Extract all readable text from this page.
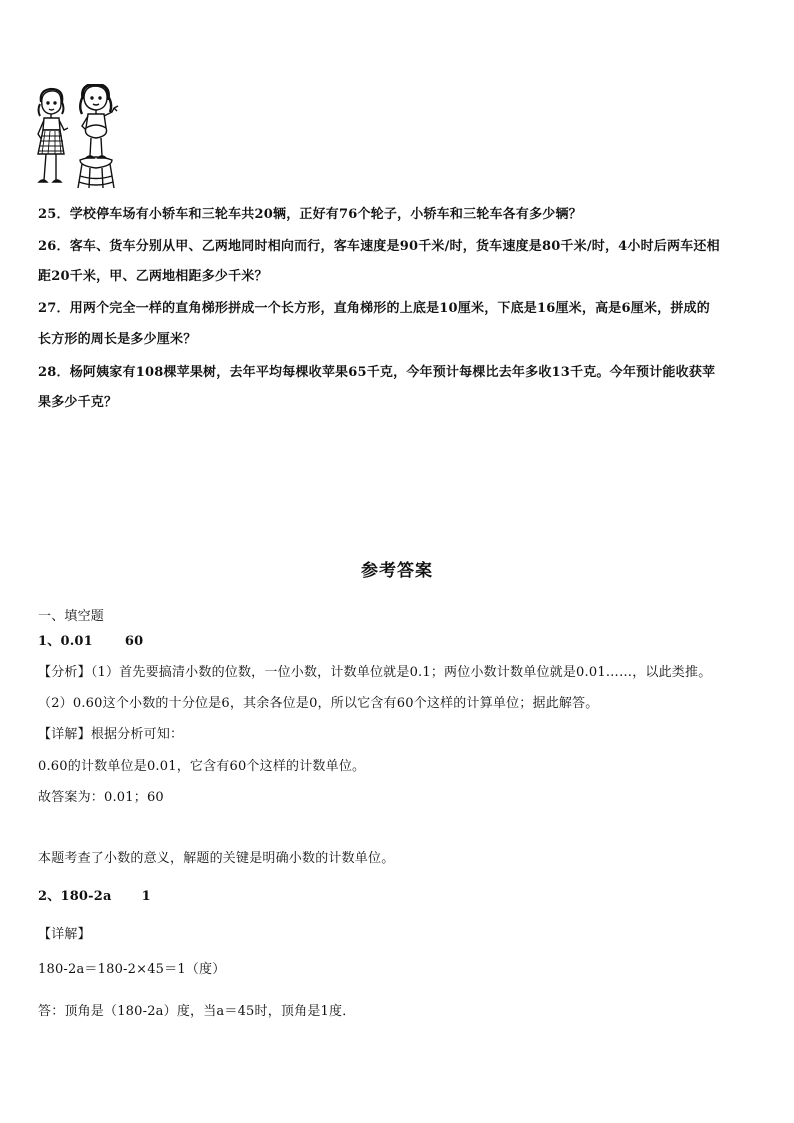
25．学校停车场有小轿车和三轮车共20辆，正好有76个轮子，小轿车和三轮车各有多少辆？
26．客车、货车分别从甲、乙两地同时相向而行，客车速度是90千米/时，货车速度是80千米/时，4小时后两车还相
距20千米，甲、乙两地相距多少千米？
27．用两个完全一样的直角梯形拼成一个长方形，直角梯形的上底是10厘米，下底是16厘米，高是6厘米，拼成的
长方形的周长是多少厘米？
28．杨阿姨家有108棵苹果树，去年平均每棵收苹果65千克，今年预计每棵比去年多收13千克。今年预计能收获苹
果多少千克？
参考答案
一、填空题
1、0.01 60
【分析】（1）首先要搞清小数的位数，一位小数，计数单位就是0.1；两位小数计数单位就是0.01……，以此类推。
（2）0.60这个小数的十分位是6，其余各位是0，所以它含有60个这样的计算单位；据此解答。
【详解】根据分析可知：
0.60的计数单位是0.01，它含有60个这样的计数单位。
故答案为：0.01；60
本题考查了小数的意义，解题的关键是明确小数的计数单位。
2、180-2a 1
【详解】
180-2a＝180-2×45＝1（度）
答：顶角是（180-2a）度，当a＝45时，顶角是1度．
